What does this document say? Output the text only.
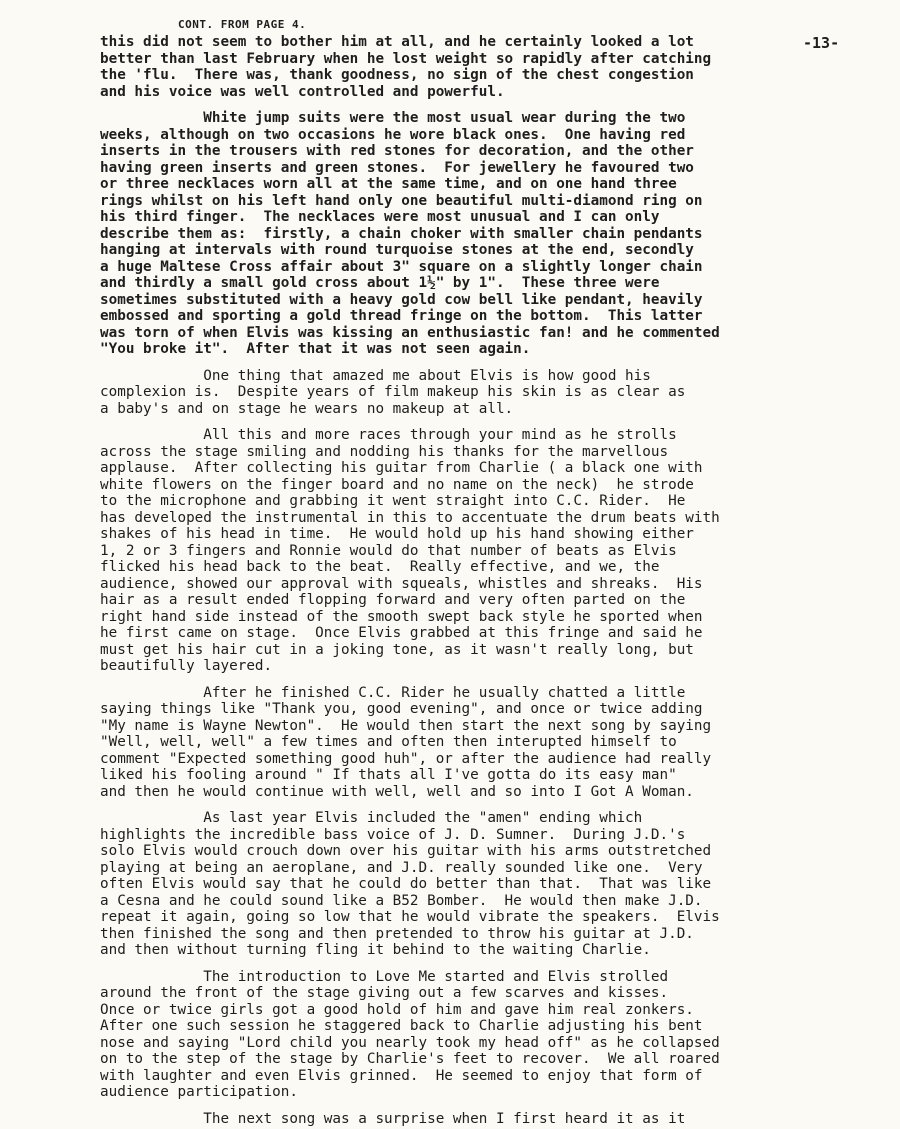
CONT. FROM PAGE 4.
-13-
this did not seem to bother him at all, and he certainly looked a lot
better than last February when he lost weight so rapidly after catching
the 'flu.  There was, thank goodness, no sign of the chest congestion
and his voice was well controlled and powerful.
White jump suits were the most usual wear during the two
weeks, although on two occasions he wore black ones.  One having red
inserts in the trousers with red stones for decoration, and the other
having green inserts and green stones.  For jewellery he favoured two
or three necklaces worn all at the same time, and on one hand three
rings whilst on his left hand only one beautiful multi-diamond ring on
his third finger.  The necklaces were most unusual and I can only
describe them as:  firstly, a chain choker with smaller chain pendants
hanging at intervals with round turquoise stones at the end, secondly
a huge Maltese Cross affair about 3" square on a slightly longer chain
and thirdly a small gold cross about 1½" by 1".  These three were
sometimes substituted with a heavy gold cow bell like pendant, heavily
embossed and sporting a gold thread fringe on the bottom.  This latter
was torn of when Elvis was kissing an enthusiastic fan! and he commented
"You broke it".  After that it was not seen again.
One thing that amazed me about Elvis is how good his
complexion is.  Despite years of film makeup his skin is as clear as
a baby's and on stage he wears no makeup at all.
All this and more races through your mind as he strolls
across the stage smiling and nodding his thanks for the marvellous
applause.  After collecting his guitar from Charlie ( a black one with
white flowers on the finger board and no name on the neck)  he strode
to the microphone and grabbing it went straight into C.C. Rider.  He
has developed the instrumental in this to accentuate the drum beats with
shakes of his head in time.  He would hold up his hand showing either
1, 2 or 3 fingers and Ronnie would do that number of beats as Elvis
flicked his head back to the beat.  Really effective, and we, the
audience, showed our approval with squeals, whistles and shreaks.  His
hair as a result ended flopping forward and very often parted on the
right hand side instead of the smooth swept back style he sported when
he first came on stage.  Once Elvis grabbed at this fringe and said he
must get his hair cut in a joking tone, as it wasn't really long, but
beautifully layered.
After he finished C.C. Rider he usually chatted a little
saying things like "Thank you, good evening", and once or twice adding
"My name is Wayne Newton".  He would then start the next song by saying
"Well, well, well" a few times and often then interupted himself to
comment "Expected something good huh", or after the audience had really
liked his fooling around " If thats all I've gotta do its easy man"
and then he would continue with well, well and so into I Got A Woman.
As last year Elvis included the "amen" ending which
highlights the incredible bass voice of J. D. Sumner.  During J.D.'s
solo Elvis would crouch down over his guitar with his arms outstretched
playing at being an aeroplane, and J.D. really sounded like one.  Very
often Elvis would say that he could do better than that.  That was like
a Cesna and he could sound like a B52 Bomber.  He would then make J.D.
repeat it again, going so low that he would vibrate the speakers.  Elvis
then finished the song and then pretended to throw his guitar at J.D.
and then without turning fling it behind to the waiting Charlie.
The introduction to Love Me started and Elvis strolled
around the front of the stage giving out a few scarves and kisses.
Once or twice girls got a good hold of him and gave him real zonkers.
After one such session he staggered back to Charlie adjusting his bent
nose and saying "Lord child you nearly took my head off" as he collapsed
on to the step of the stage by Charlie's feet to recover.  We all roared
with laughter and even Elvis grinned.  He seemed to enjoy that form of
audience participation.
The next song was a surprise when I first heard it as it
